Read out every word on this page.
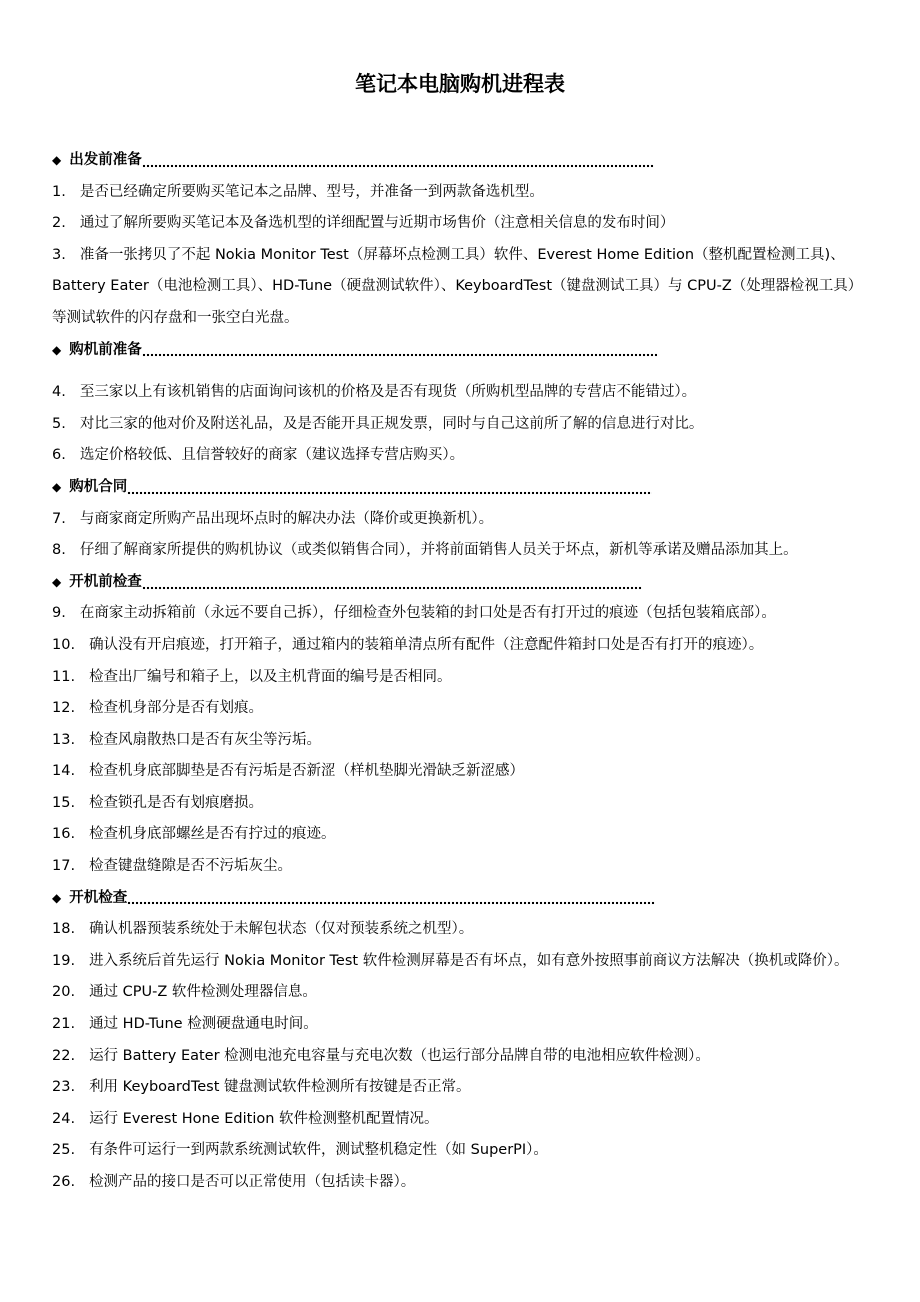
笔记本电脑购机进程表
◆ 出发前准备
1. 是否已经确定所要购买笔记本之品牌、型号，并准备一到两款备选机型。
2. 通过了解所要购买笔记本及备选机型的详细配置与近期市场售价（注意相关信息的发布时间）
3. 准备一张拷贝了不起 Nokia Monitor Test（屏幕坏点检测工具）软件、Everest Home Edition（整机配置检测工具)、Battery Eater（电池检测工具）、HD-Tune（硬盘测试软件）、KeyboardTest（键盘测试工具）与 CPU-Z（处理器检视工具）等测试软件的闪存盘和一张空白光盘。
◆ 购机前准备
4. 至三家以上有该机销售的店面询问该机的价格及是否有现货（所购机型品牌的专营店不能错过）。
5. 对比三家的他对价及附送礼品，及是否能开具正规发票，同时与自己这前所了解的信息进行对比。
6. 选定价格较低、且信誉较好的商家（建议选择专营店购买）。
◆ 购机合同
7. 与商家商定所购产品出现坏点时的解决办法（降价或更换新机）。
8. 仔细了解商家所提供的购机协议（或类似销售合同），并将前面销售人员关于坏点，新机等承诺及赠品添加其上。
◆ 开机前检查
9. 在商家主动拆箱前（永远不要自己拆），仔细检查外包装箱的封口处是否有打开过的痕迹（包括包装箱底部）。
10. 确认没有开启痕迹，打开箱子，通过箱内的装箱单清点所有配件（注意配件箱封口处是否有打开的痕迹）。
11. 检查出厂编号和箱子上，以及主机背面的编号是否相同。
12. 检查机身部分是否有划痕。
13. 检查风扇散热口是否有灰尘等污垢。
14. 检查机身底部脚垫是否有污垢是否新涩（样机垫脚光滑缺乏新涩感）
15. 检查锁孔是否有划痕磨损。
16. 检查机身底部螺丝是否有拧过的痕迹。
17. 检查键盘缝隙是否不污垢灰尘。
◆ 开机检查
18. 确认机器预装系统处于未解包状态（仅对预装系统之机型）。
19. 进入系统后首先运行 Nokia Monitor Test 软件检测屏幕是否有坏点，如有意外按照事前商议方法解决（换机或降价）。
20. 通过 CPU-Z 软件检测处理器信息。
21. 通过 HD-Tune 检测硬盘通电时间。
22. 运行 Battery Eater 检测电池充电容量与充电次数（也运行部分品牌自带的电池相应软件检测）。
23. 利用 KeyboardTest 键盘测试软件检测所有按键是否正常。
24. 运行 Everest Hone Edition 软件检测整机配置情况。
25. 有条件可运行一到两款系统测试软件，测试整机稳定性（如 SuperPI）。
26. 检测产品的接口是否可以正常使用（包括读卡器）。
